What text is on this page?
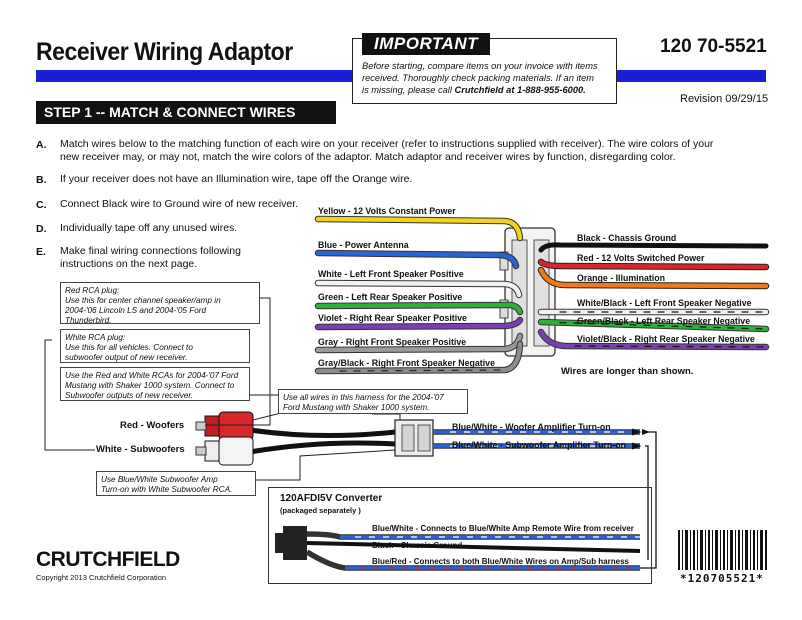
Receiver Wiring Adaptor	120 70-5521
Revision 09/29/15
IMPORTANT
Before starting, compare items on your invoice with items
received. Thoroughly check packing materials. If an item
is missing, please call Crutchfield at 1-888-955-6000.
STEP 1 -- MATCH & CONNECT WIRES
A. Match wires below to the matching function of each wire on your receiver (refer to instructions supplied with receiver). The wire colors of your
new receiver may, or may not, match the wire colors of the adaptor. Match adaptor and receiver wires by function, disregarding color.
B. If your receiver does not have an Illumination wire, tape off the Orange wire.
C. Connect Black wire to Ground wire of new receiver.
D. Individually tape off any unused wires.
E. Make final wiring connections following
instructions on the next page.
Yellow - 12 Volts Constant Power
Blue - Power Antenna
White - Left Front Speaker Positive
Green - Left Rear Speaker Positive
Violet - Right Rear Speaker Positive
Gray - Right Front Speaker Positive
Gray/Black - Right Front Speaker Negative
Black - Chassis Ground
Red - 12 Volts Switched Power
Orange - Illumination
White/Black - Left Front Speaker Negative
Green/Black - Left Rear Speaker Negative
Violet/Black - Right Rear Speaker Negative
Wires are longer than shown.
Red RCA plug:
Use this for center channel speaker/amp in
2004-'06 Lincoln LS and 2004-'05 Ford
Thunderbird.
White RCA plug:
Use this for all vehicles. Connect to
subwoofer output of new receiver.
Use the Red and White RCAs for 2004-'07 Ford
Mustang with Shaker 1000 system. Connect to
Subwoofer outputs of new receiver.	Use all wires in this harness for the 2004-'07
Ford Mustang with Shaker 1000 system.
Use Blue/White Subwoofer Amp
Turn-on with White Subwoofer RCA.
Red - Woofers
White - Subwoofers
Blue/White - Woofer Amplifier Turn-on
Blue/White - Subwoofer Amplifier Turn-on
120AFDI5V Converter
(packaged separately )
Blue/White - Connects to Blue/White Amp Remote Wire from receiver
Black - Chassis Ground
Blue/Red - Connects to both Blue/White Wires on Amp/Sub harness
CRUTCHFIELD
Copyright 2013 Crutchfield Corporation	*120705521*
